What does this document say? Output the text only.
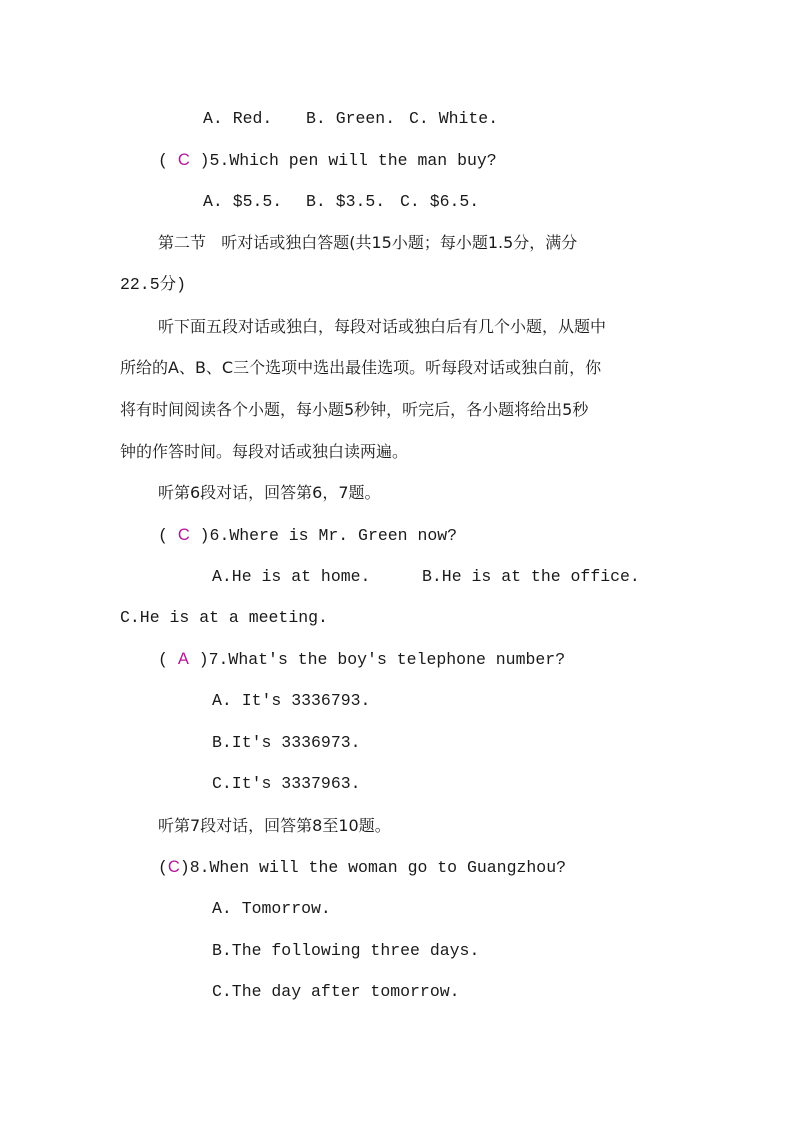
A. Red. B. Green. C. White.
( C )5.Which pen will the man buy?
A. $5.5. B. $3.5. C. $6.5.
第二节   听对话或独白答题(共15小题；每小题1.5分，满分
22.5分)
听下面五段对话或独白，每段对话或独白后有几个小题，从题中
所给的A、B、C三个选项中选出最佳选项。听每段对话或独白前，你
将有时间阅读各个小题，每小题5秒钟，听完后，各小题将给出5秒
钟的作答时间。每段对话或独白读两遍。
听第6段对话，回答第6，7题。
( C )6.Where is Mr. Green now?
A.He is at home.	B.He is at the office.
C.He is at a meeting.
( A )7.What's the boy's telephone number?
A. It's 3336793.
B.It's 3336973.
C.It's 3337963.
听第7段对话，回答第8至10题。
(C)8.When will the woman go to Guangzhou?
A. Tomorrow.
B.The following three days.
C.The day after tomorrow.
